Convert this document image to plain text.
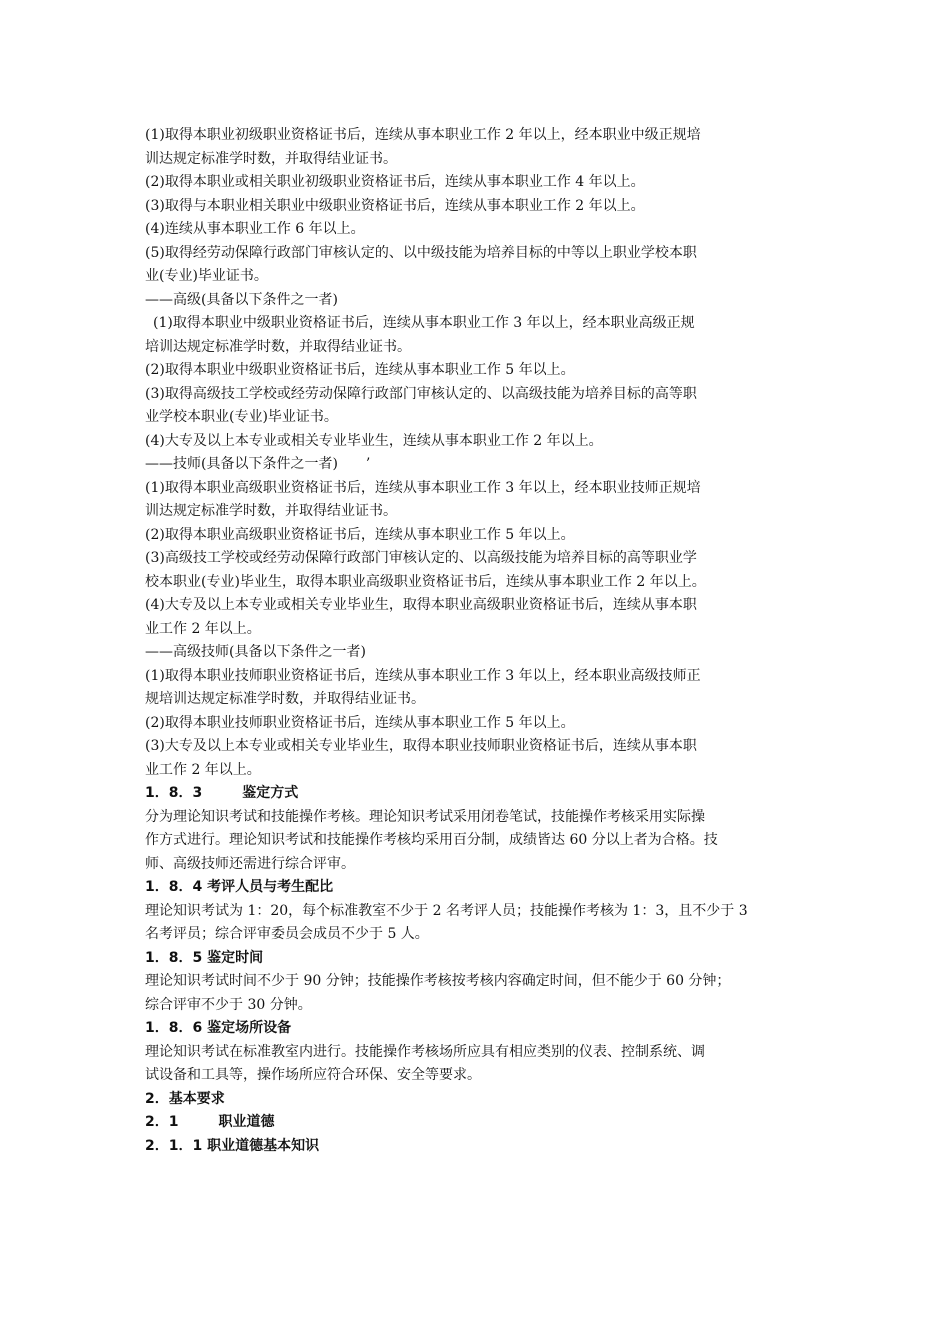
(1)取得本职业初级职业资格证书后，连续从事本职业工作 2 年以上，经本职业中级正规培
训达规定标准学时数，并取得结业证书。
(2)取得本职业或相关职业初级职业资格证书后，连续从事本职业工作 4 年以上。
(3)取得与本职业相关职业中级职业资格证书后，连续从事本职业工作 2 年以上。
(4)连续从事本职业工作 6 年以上。
(5)取得经劳动保障行政部门审核认定的、以中级技能为培养目标的中等以上职业学校本职
业(专业)毕业证书。
——高级(具备以下条件之一者)
(1)取得本职业中级职业资格证书后，连续从事本职业工作 3 年以上，经本职业高级正规
培训达规定标准学时数，并取得结业证书。
(2)取得本职业中级职业资格证书后，连续从事本职业工作 5 年以上。
(3)取得高级技工学校或经劳动保障行政部门审核认定的、以高级技能为培养目标的高等职
业学校本职业(专业)毕业证书。
(4)大专及以上本专业或相关专业毕业生，连续从事本职业工作 2 年以上。
——技师(具备以下条件之一者)　　’
(1)取得本职业高级职业资格证书后，连续从事本职业工作 3 年以上，经本职业技师正规培
训达规定标准学时数，并取得结业证书。
(2)取得本职业高级职业资格证书后，连续从事本职业工作 5 年以上。
(3)高级技工学校或经劳动保障行政部门审核认定的、以高级技能为培养目标的高等职业学
校本职业(专业)毕业生，取得本职业高级职业资格证书后，连续从事本职业工作 2 年以上。
(4)大专及以上本专业或相关专业毕业生，取得本职业高级职业资格证书后，连续从事本职
业工作 2 年以上。
——高级技师(具备以下条件之一者)
(1)取得本职业技师职业资格证书后，连续从事本职业工作 3 年以上，经本职业高级技师正
规培训达规定标准学时数，并取得结业证书。
(2)取得本职业技师职业资格证书后，连续从事本职业工作 5 年以上。
(3)大专及以上本专业或相关专业毕业生，取得本职业技师职业资格证书后，连续从事本职
业工作 2 年以上。
1．8．3	鉴定方式
分为理论知识考试和技能操作考核。理论知识考试采用闭卷笔试，技能操作考核采用实际操
作方式进行。理论知识考试和技能操作考核均采用百分制，成绩皆达 60 分以上者为合格。技
师、高级技师还需进行综合评审。
1．8．4 考评人员与考生配比
理论知识考试为 1：20，每个标准教室不少于 2 名考评人员；技能操作考核为 1：3，且不少于 3
名考评员；综合评审委员会成员不少于 5 人。
1．8．5 鉴定时间
理论知识考试时间不少于 90 分钟；技能操作考核按考核内容确定时间，但不能少于 60 分钟；
综合评审不少于 30 分钟。
1．8．6 鉴定场所设备
理论知识考试在标准教室内进行。技能操作考核场所应具有相应类别的仪表、控制系统、调
试设备和工具等，操作场所应符合环保、安全等要求。
2．基本要求
2．1	职业道德
2．1．1 职业道德基本知识
